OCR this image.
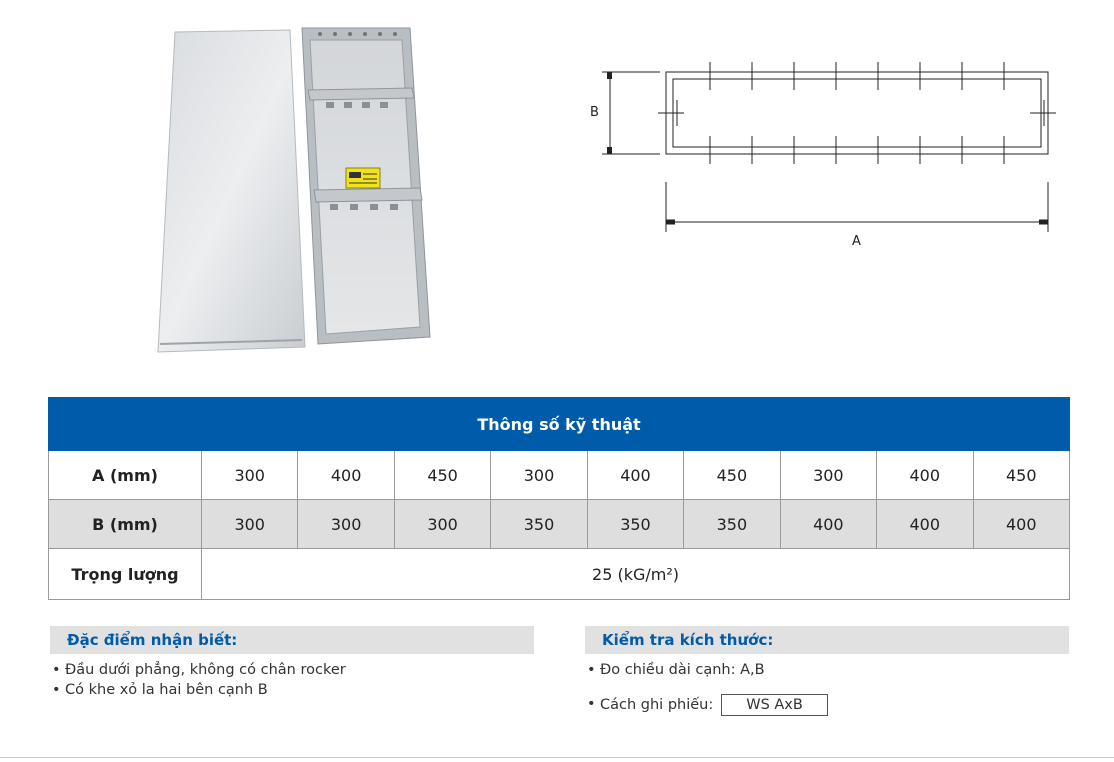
B
A
Thông số kỹ thuật									
A (mm)	300	400	450	300	400	450	300	400	450
B (mm)	300	300	300	350	350	350	400	400	400
Trọng lượng	25 (kG/m²)								
Đặc điểm nhận biết:
• Đầu dưới phẳng, không có chân rocker
• Có khe xỏ la hai bên cạnh B
Kiểm tra kích thước:
• Đo chiều dài cạnh: A,B
• Cách ghi phiếu: WS AxB
